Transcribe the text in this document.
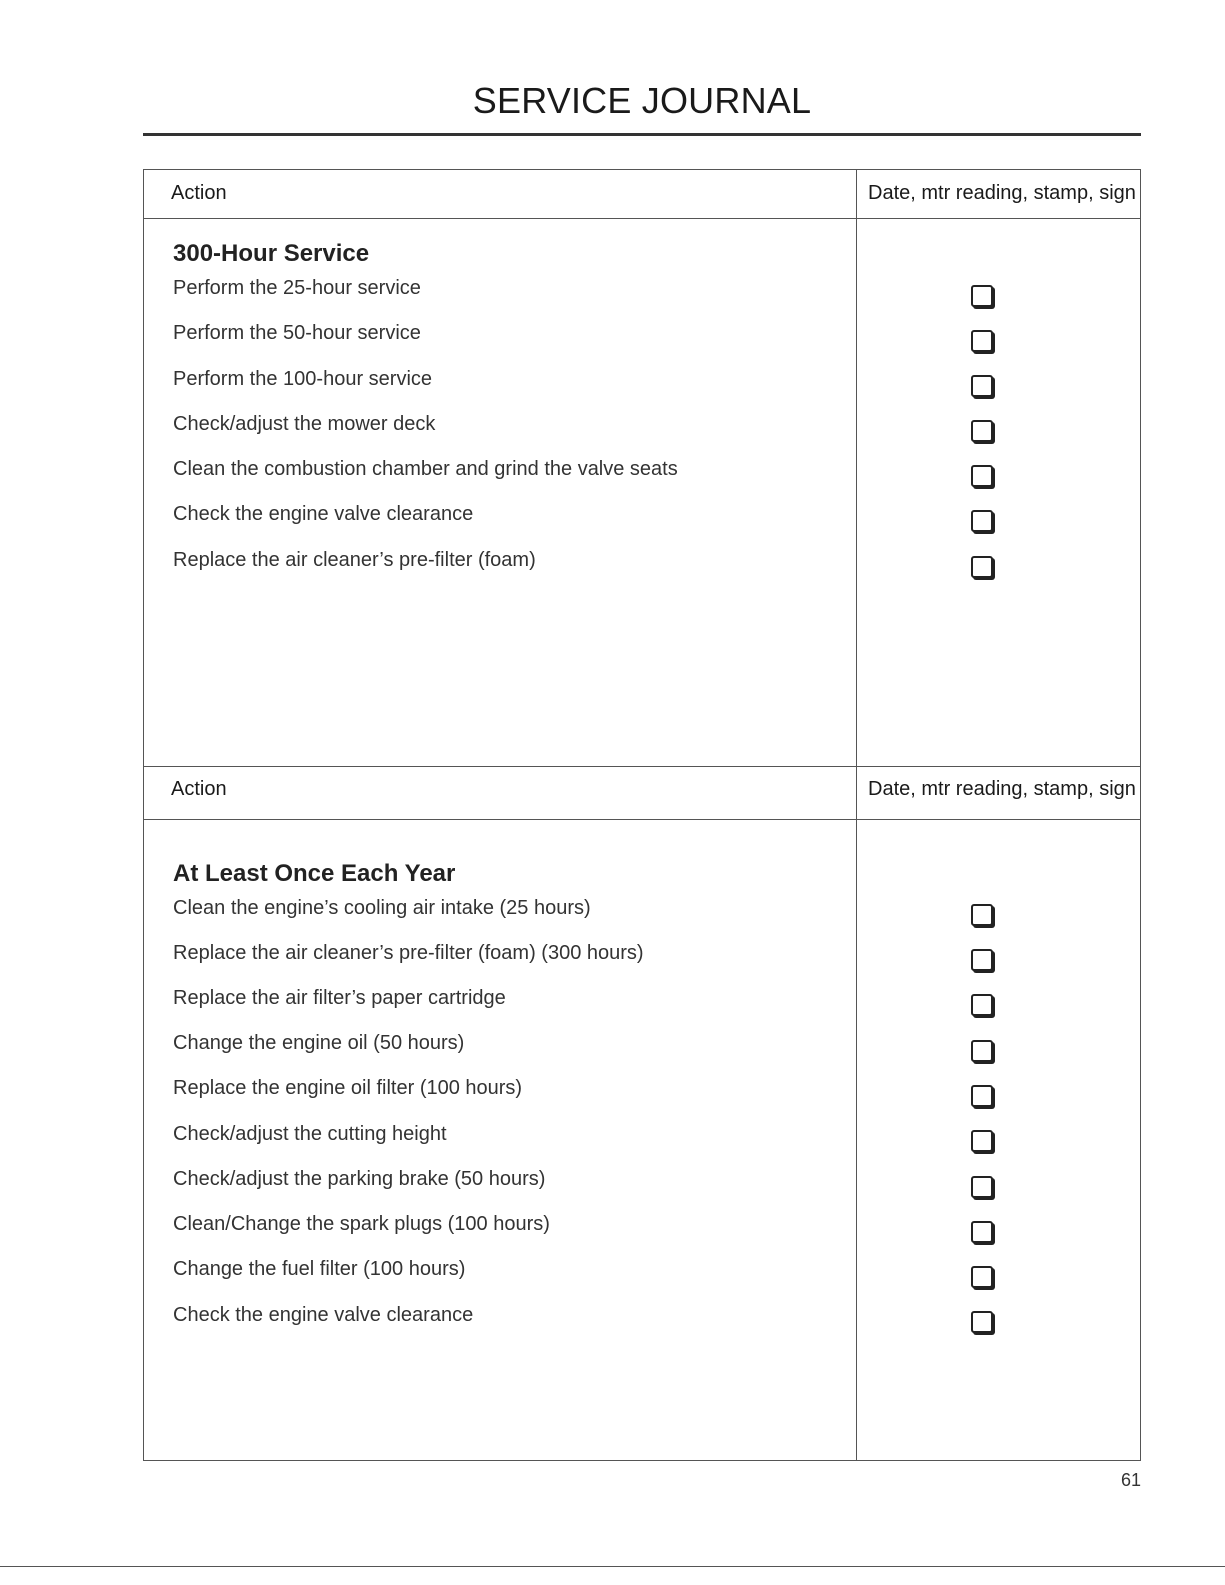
SERVICE JOURNAL
Action	Date, mtr reading, stamp, sign
300-Hour Service
Perform the 25-hour service
Perform the 50-hour service
Perform the 100-hour service
Check/adjust the mower deck
Clean the combustion chamber and grind the valve seats
Check the engine valve clearance
Replace the air cleaner’s pre-filter (foam)
Action	Date, mtr reading, stamp, sign
At Least Once Each Year
Clean the engine’s cooling air intake (25 hours)
Replace the air cleaner’s pre-filter (foam) (300 hours)
Replace the air filter’s paper cartridge
Change the engine oil (50 hours)
Replace the engine oil filter (100 hours)
Check/adjust the cutting height
Check/adjust the parking brake (50 hours)
Clean/Change the spark plugs (100 hours)
Change the fuel filter (100 hours)
Check the engine valve clearance
61
